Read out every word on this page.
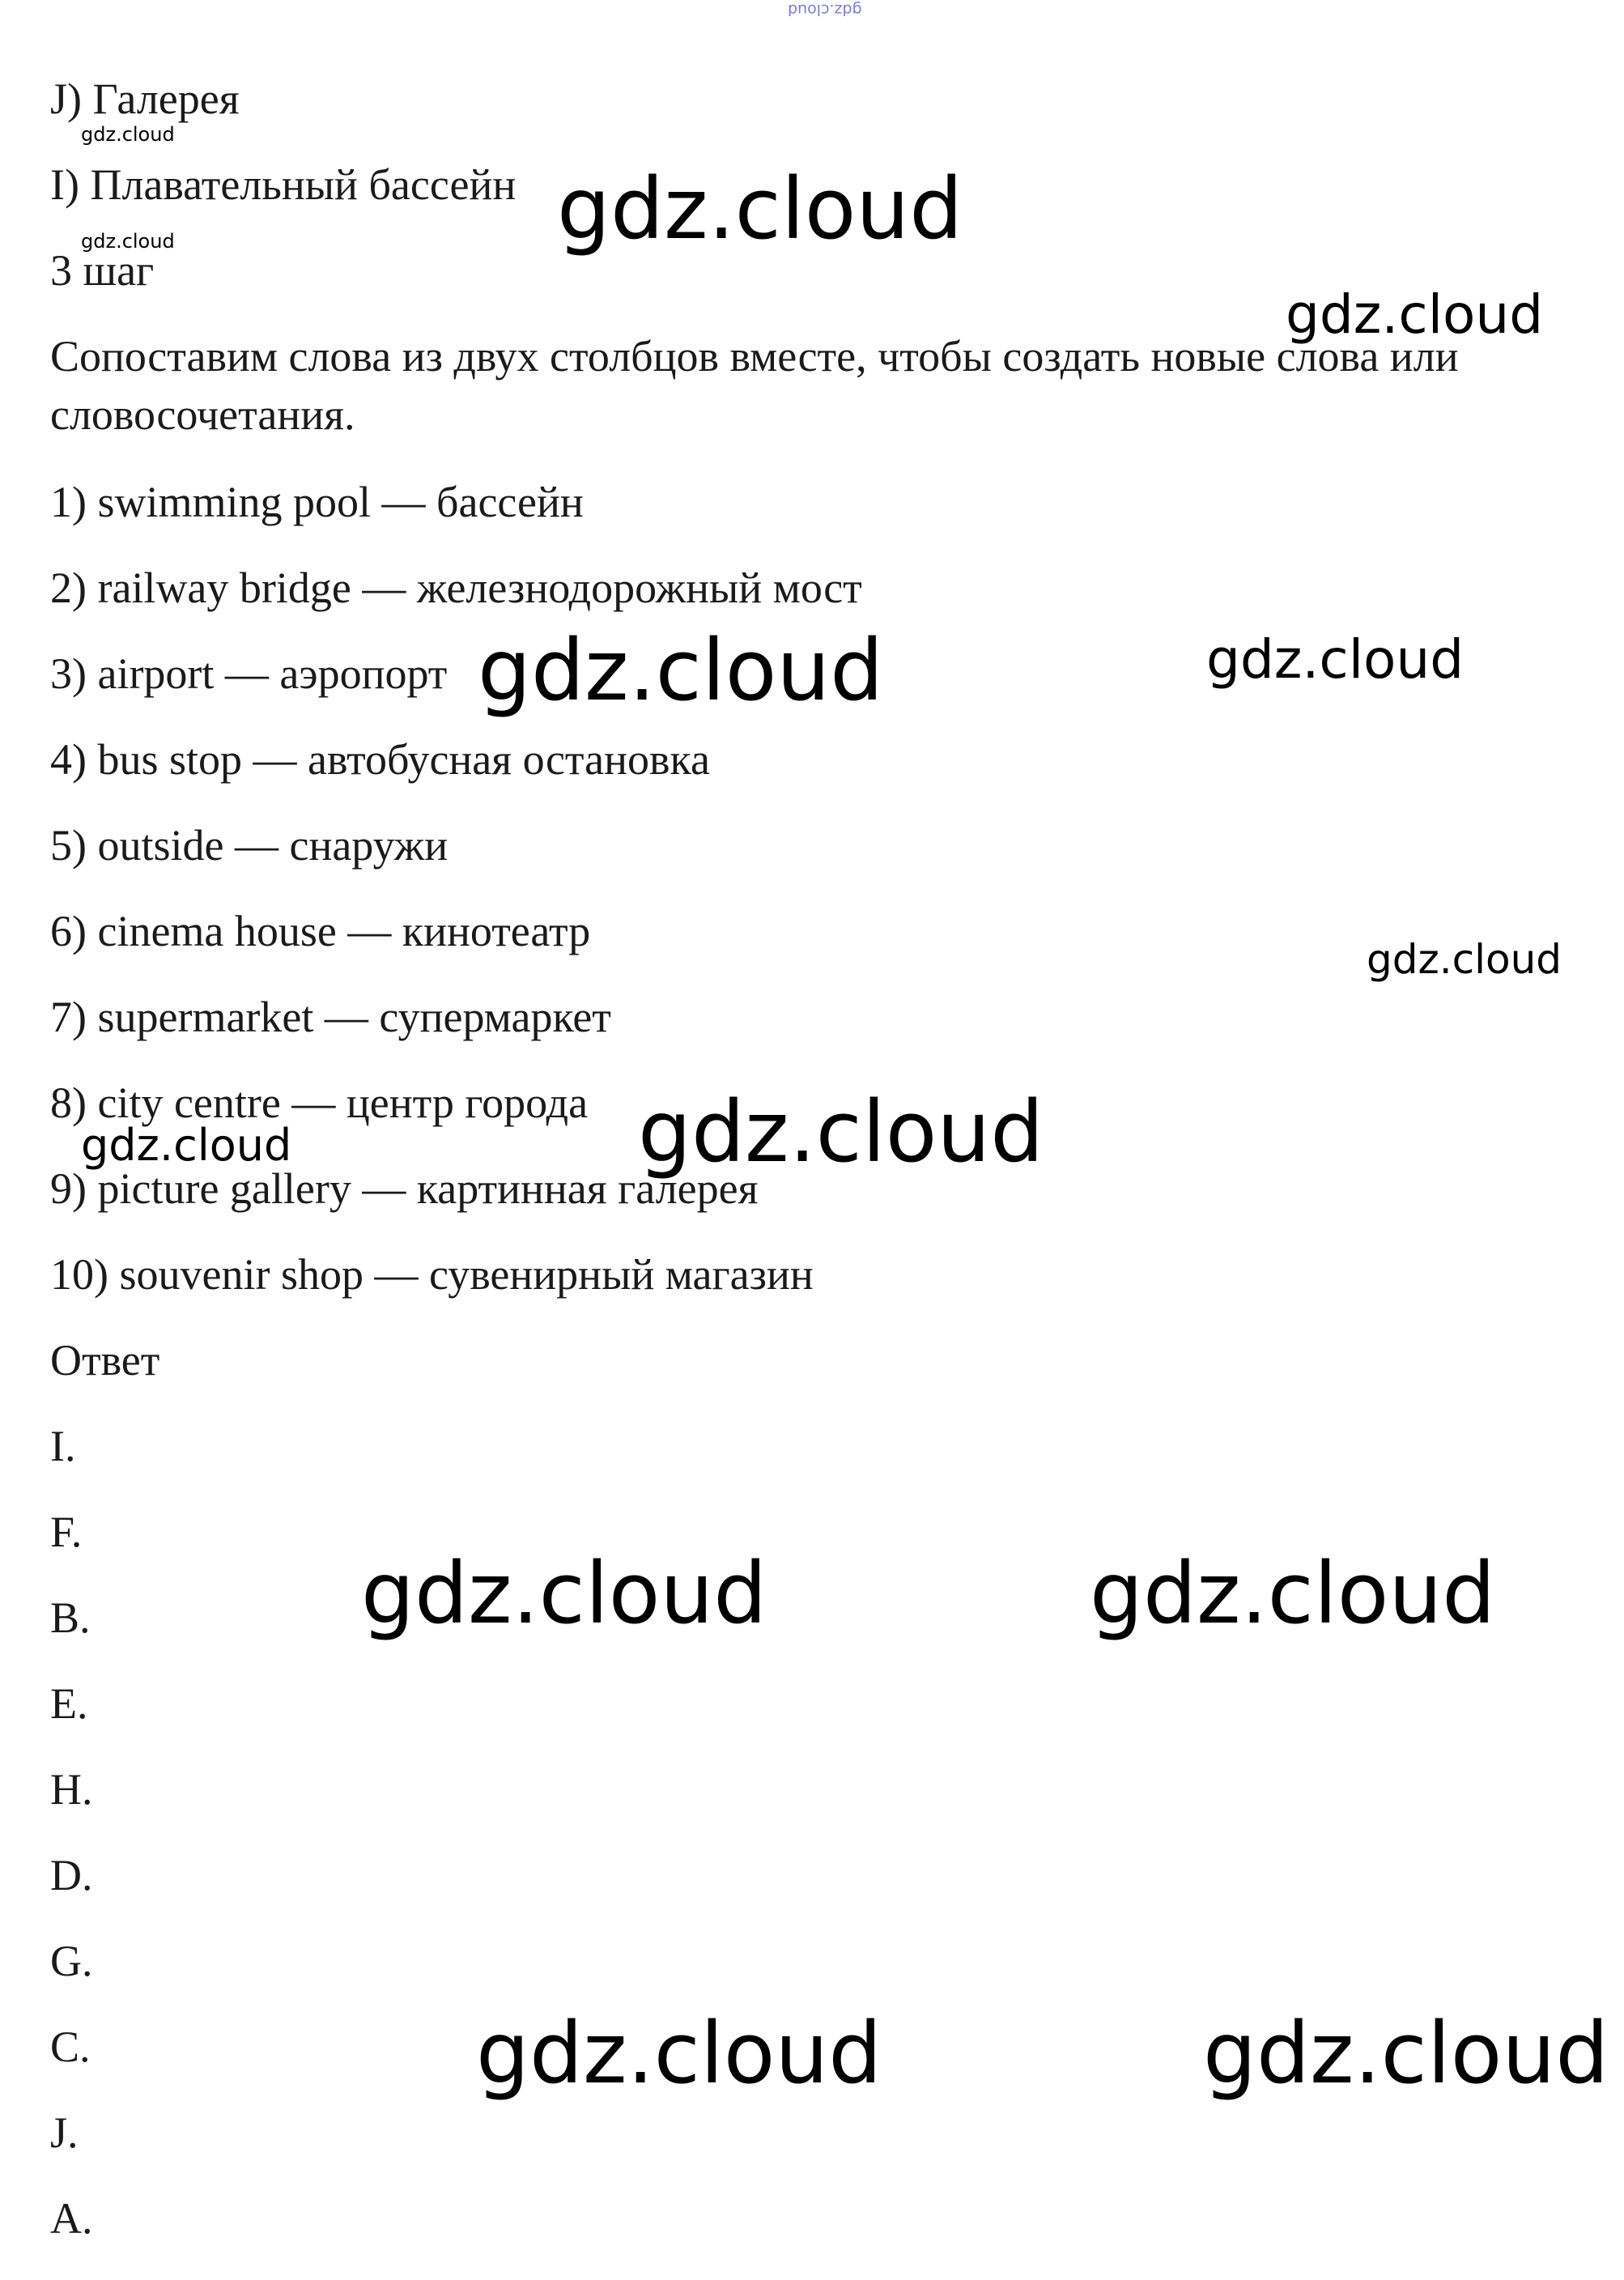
gdz.cloud
J) Галерея
I) Плавательный бассейн
3 шаг
Сопоставим слова из двух столбцов вместе, чтобы создать новые слова или словосочетания.
1) swimming pool — бассейн
2) railway bridge — железнодорожный мост
3) airport — аэропорт
4) bus stop — автобусная остановка
5) outside — снаружи
6) cinema house — кинотеатр
7) supermarket — супермаркет
8) city centre — центр города
9) picture gallery — картинная галерея
10) souvenir shop — сувенирный магазин
Ответ
I.
F.
B.
E.
H.
D.
G.
C.
J.
A.
gdz.cloud
gdz.cloud	gdz.cloud
gdz.cloud
gdz.cloud	gdz.cloud
gdz.cloud
gdz.cloud	gdz.cloud
gdz.cloud	gdz.cloud
gdz.cloud	gdz.cloud
